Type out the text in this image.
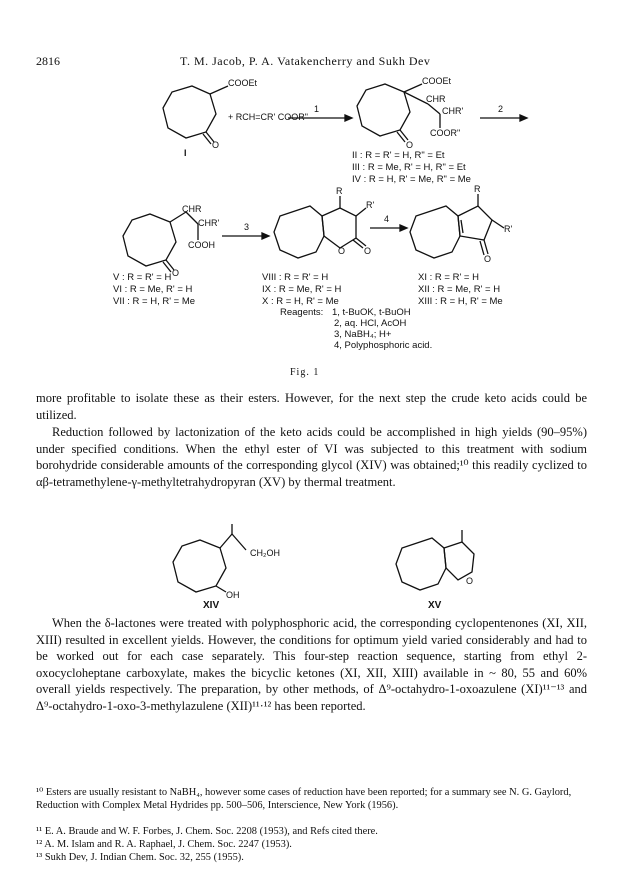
2816	T. M. Jacob, P. A. Vatakencherry and Sukh Dev
COOEt
O
+ RCH=CR' COOR"
I
1
COOEt
CHR
CHR'
COOR"
O
2
II : R = R' = H, R" = Et
III : R = Me, R' = H, R" = Et
IV : R = H, R' = Me, R" = Me
CHR
CHR'
COOH
O
3
R
R'
O O
4
R
R'
O
V : R = R' = H
VI : R = Me, R' = H
VII : R = H, R' = Me
VIII : R = R' = H
IX : R = Me, R' = H
X : R = H, R' = Me
XI : R = R' = H
XII : R = Me, R' = H
XIII : R = H, R' = Me
Reagents: 1, t-BuOK, t-BuOH
2, aq. HCl, AcOH
3, NaBH₄; H+
4, Polyphosphoric acid.
Fig. 1
more profitable to isolate these as their esters. However, for the next step the crude keto acids could be utilized.
Reduction followed by lactonization of the keto acids could be accomplished in high yields (90–95%) under specified conditions. When the ethyl ester of VI was subjected to this treatment with sodium borohydride considerable amounts of the corresponding glycol (XIV) was obtained;¹⁰ this readily cyclized to αβ-tetramethylene-γ-methyltetrahydropyran (XV) by thermal treatment.
CH₂OH
OH
O
XIV	XV
When the δ-lactones were treated with polyphosphoric acid, the corresponding cyclopentenones (XI, XII, XIII) resulted in excellent yields. However, the conditions for optimum yield varied considerably and had to be worked out for each case separately. This four-step reaction sequence, starting from ethyl 2-oxocycloheptane carboxylate, makes the bicyclic ketones (XI, XII, XIII) available in ~ 80, 55 and 60% overall yields respectively. The preparation, by other methods, of Δ⁹-octahydro-1-oxoazulene (XI)¹¹⁻¹³ and Δ⁹-octahydro-1-oxo-3-methylazulene (XII)¹¹·¹² has been reported.
¹⁰ Esters are usually resistant to NaBH₄, however some cases of reduction have been reported; for a summary see N. G. Gaylord, Reduction with Complex Metal Hydrides pp. 500–506, Interscience, New York (1956).
¹¹ E. A. Braude and W. F. Forbes, J. Chem. Soc. 2208 (1953), and Refs cited there.
¹² A. M. Islam and R. A. Raphael, J. Chem. Soc. 2247 (1953).
¹³ Sukh Dev, J. Indian Chem. Soc. 32, 255 (1955).
